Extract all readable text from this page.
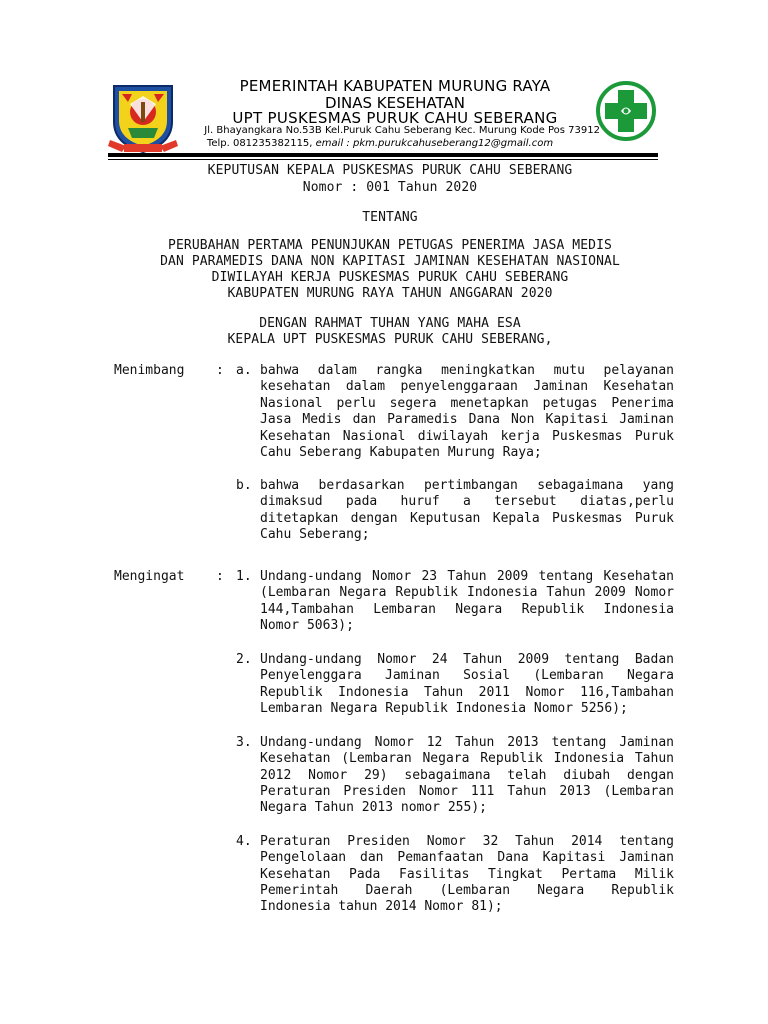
PEMERINTAH KABUPATEN MURUNG RAYA
DINAS KESEHATAN
UPT PUSKESMAS PURUK CAHU SEBERANG
Jl. Bhayangkara No.53B Kel.Puruk Cahu Seberang Kec. Murung Kode Pos 73912
Telp. 081235382115, email : pkm.purukcahuseberang12@gmail.com
KEPUTUSAN KEPALA PUSKESMAS PURUK CAHU SEBERANG
Nomor : 001 Tahun 2020
TENTANG
PERUBAHAN PERTAMA PENUNJUKAN PETUGAS PENERIMA JASA MEDIS
DAN PARAMEDIS DANA NON KAPITASI JAMINAN KESEHATAN NASIONAL
DIWILAYAH KERJA PUSKESMAS PURUK CAHU SEBERANG
KABUPATEN MURUNG RAYA TAHUN ANGGARAN 2020
DENGAN RAHMAT TUHAN YANG MAHA ESA
KEPALA UPT PUSKESMAS PURUK CAHU SEBERANG,
Menimbang : a. bahwa dalam rangka meningkatkan mutu pelayanan kesehatan dalam penyelenggaraan Jaminan Kesehatan Nasional perlu segera menetapkan petugas Penerima Jasa Medis dan Paramedis Dana Non Kapitasi Jaminan Kesehatan Nasional diwilayah kerja Puskesmas Puruk Cahu Seberang Kabupaten Murung Raya;
b. bahwa berdasarkan pertimbangan sebagaimana yang dimaksud pada huruf a tersebut diatas,perlu ditetapkan dengan Keputusan Kepala Puskesmas Puruk Cahu Seberang;
Mengingat : 1. Undang-undang Nomor 23 Tahun 2009 tentang Kesehatan (Lembaran Negara Republik Indonesia Tahun 2009 Nomor 144,Tambahan Lembaran Negara Republik Indonesia Nomor 5063);
2. Undang-undang Nomor 24 Tahun 2009 tentang Badan Penyelenggara Jaminan Sosial (Lembaran Negara Republik Indonesia Tahun 2011 Nomor 116,Tambahan Lembaran Negara Republik Indonesia Nomor 5256);
3. Undang-undang Nomor 12 Tahun 2013 tentang Jaminan Kesehatan (Lembaran Negara Republik Indonesia Tahun 2012 Nomor 29) sebagaimana telah diubah dengan Peraturan Presiden Nomor 111 Tahun 2013 (Lembaran Negara Tahun 2013 nomor 255);
4. Peraturan Presiden Nomor 32 Tahun 2014 tentang Pengelolaan dan Pemanfaatan Dana Kapitasi Jaminan Kesehatan Pada Fasilitas Tingkat Pertama Milik Pemerintah Daerah (Lembaran Negara Republik Indonesia tahun 2014 Nomor 81);
